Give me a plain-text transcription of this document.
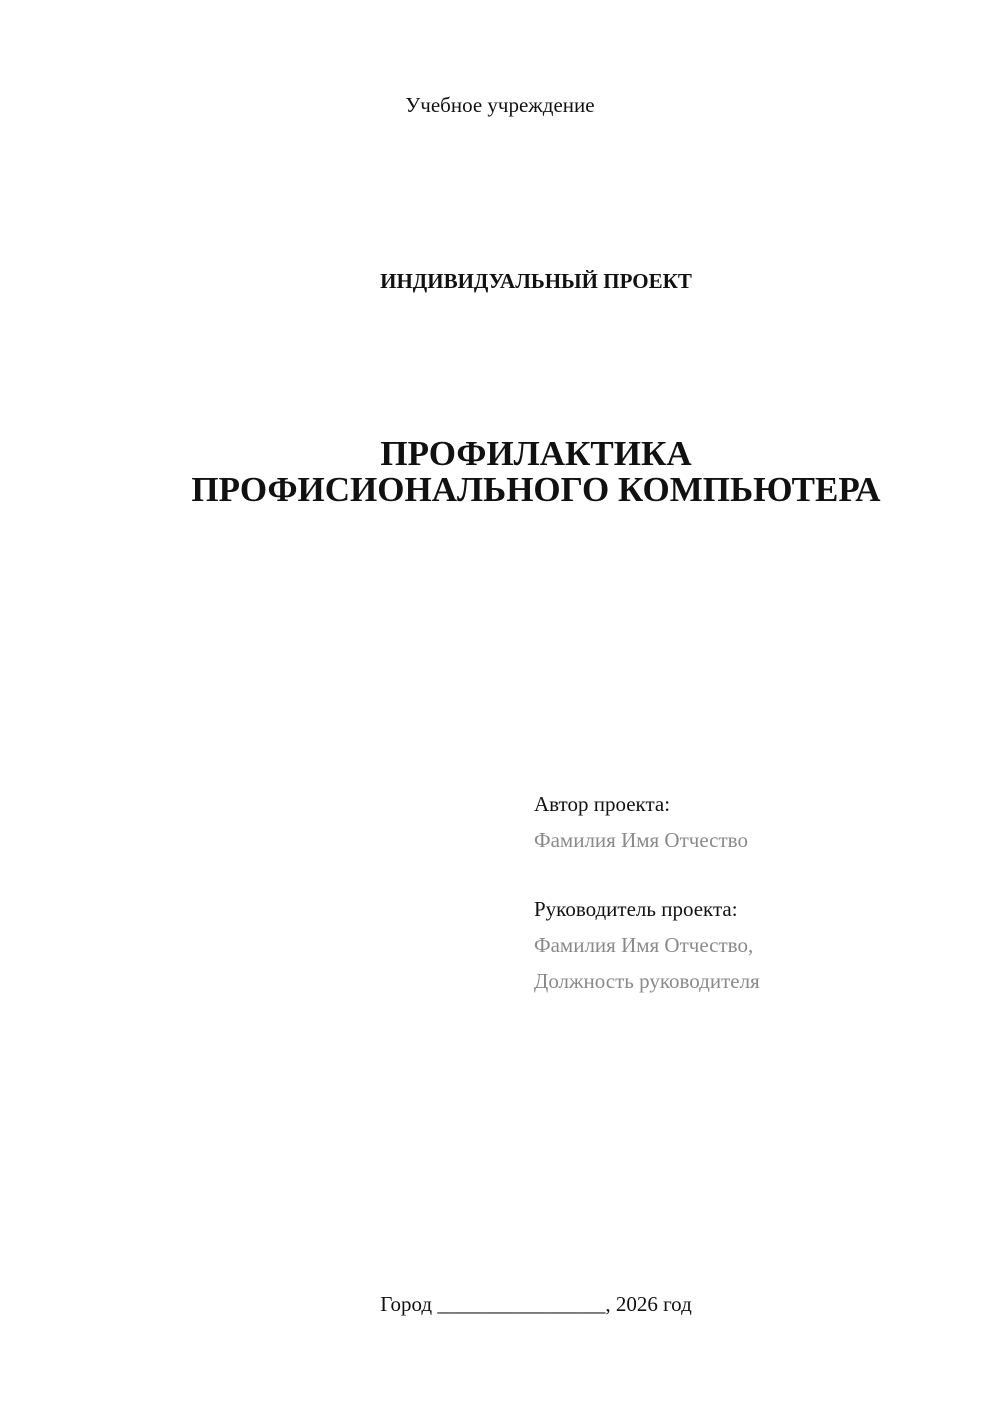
Учебное учреждение

ИНДИВИДУАЛЬНЫЙ ПРОЕКТ

ПРОФИЛАКТИКА
ПРОФИСИОНАЛЬНОГО КОМПЬЮТЕРА
Автор проекта:
Фамилия Имя Отчество
Руководитель проекта:
Фамилия Имя Отчество,
Должность руководителя

Город ________________, 2026 год
